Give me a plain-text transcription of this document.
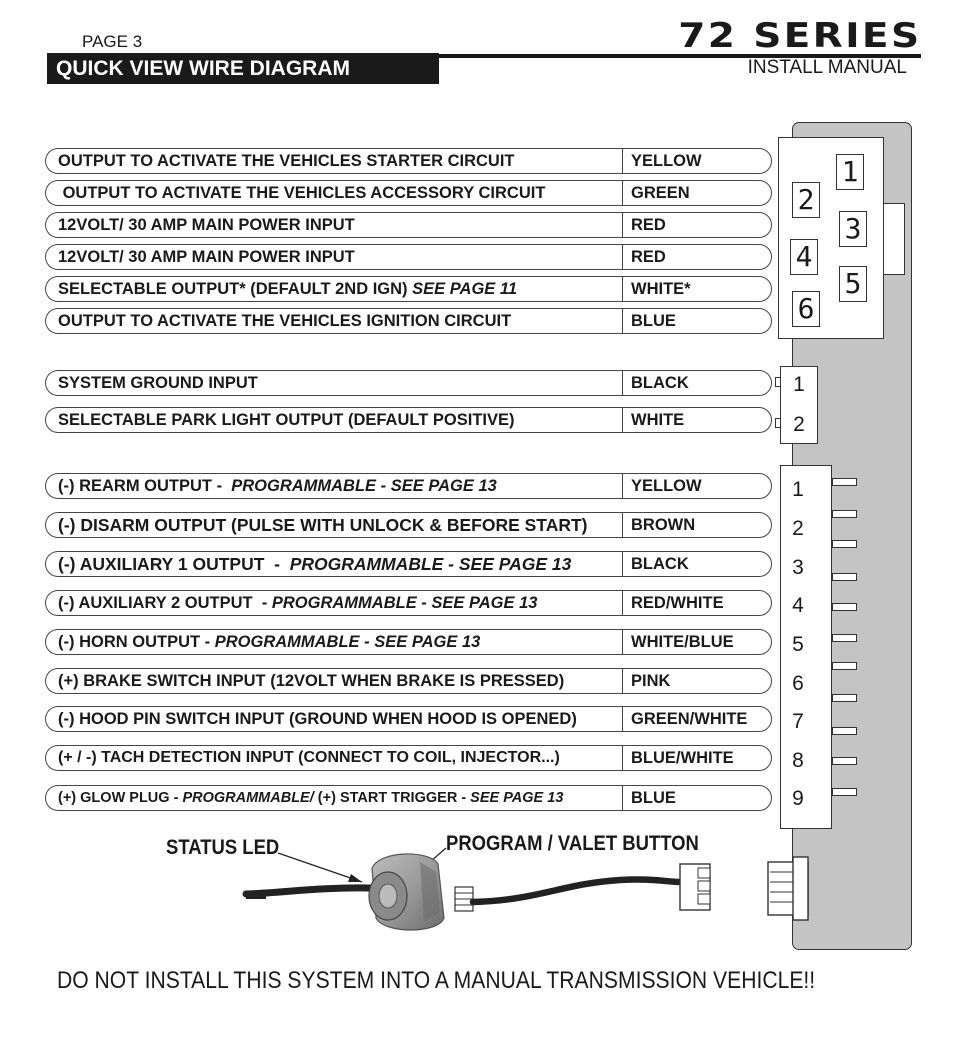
PAGE 3
QUICK VIEW WIRE DIAGRAM
72 SERIES
INSTALL MANUAL
1
2
3
4
5
6
1
2
1
2
3
4
5
6
7
8
9
OUTPUT TO ACTIVATE THE VEHICLES STARTER CIRCUIT	YELLOW
OUTPUT TO ACTIVATE THE VEHICLES ACCESSORY CIRCUIT	GREEN
12VOLT/ 30 AMP MAIN POWER INPUT	RED
12VOLT/ 30 AMP MAIN POWER INPUT	RED
SELECTABLE OUTPUT* (DEFAULT 2ND IGN) SEE PAGE 11	WHITE*
OUTPUT TO ACTIVATE THE VEHICLES IGNITION CIRCUIT	BLUE
SYSTEM GROUND INPUT	BLACK
SELECTABLE PARK LIGHT OUTPUT (DEFAULT POSITIVE)	WHITE
(-) REARM OUTPUT -  PROGRAMMABLE - SEE PAGE 13	YELLOW
(-) DISARM OUTPUT (PULSE WITH UNLOCK & BEFORE START)	BROWN
(-) AUXILIARY 1 OUTPUT  -  PROGRAMMABLE - SEE PAGE 13	BLACK
(-) AUXILIARY 2 OUTPUT  - PROGRAMMABLE - SEE PAGE 13	RED/WHITE
(-) HORN OUTPUT - PROGRAMMABLE - SEE PAGE 13	WHITE/BLUE
(+) BRAKE SWITCH INPUT (12VOLT WHEN BRAKE IS PRESSED)	PINK
(-) HOOD PIN SWITCH INPUT (GROUND WHEN HOOD IS OPENED)	GREEN/WHITE
(+ / -) TACH DETECTION INPUT (CONNECT TO COIL, INJECTOR...)	BLUE/WHITE
(+) GLOW PLUG - PROGRAMMABLE/ (+) START TRIGGER - SEE PAGE 13	BLUE
STATUS LED	PROGRAM / VALET BUTTON
DO NOT INSTALL THIS SYSTEM INTO A MANUAL TRANSMISSION VEHICLE!!
